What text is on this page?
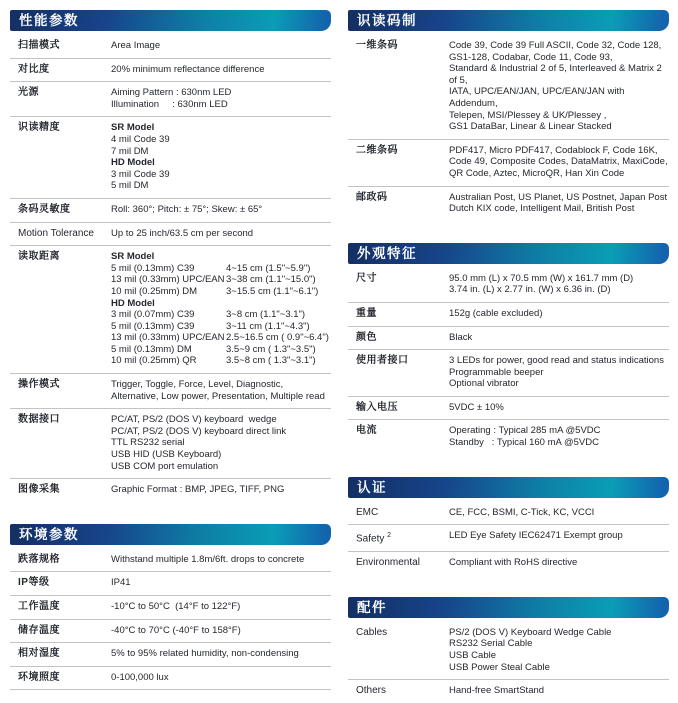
性能参数
扫描模式	Area Image
对比度	20% minimum reflectance difference
光源	Aiming Pattern : 630nm LED
Illumination     : 630nm LED
识读精度	SR Model
4 mil Code 39
7 mil DM
HD Model
3 mil Code 39
5 mil DM
条码灵敏度	Roll: 360°; Pitch: ± 75°; Skew: ± 65°
Motion Tolerance	Up to 25 inch/63.5 cm per second
读取距离	SR Model
5 mil (0.13mm) C39	4~15 cm (1.5"~5.9")
13 mil (0.33mm) UPC/EAN 3~38 cm (1.1"~15.0")
10 mil (0.25mm) DM	3~15.5 cm (1.1"~6.1")
HD Model
3 mil (0.07mm) C39	3~8 cm (1.1"~3.1")
5 mil (0.13mm) C39	3~11 cm (1.1"~4.3")
13 mil (0.33mm) UPC/EAN 2.5~16.5 cm ( 0.9"~6.4")
5 mil (0.13mm) DM	3.5~9 cm ( 1.3"~3.5")
10 mil (0.25mm) QR	3.5~8 cm ( 1.3"~3.1")
操作模式	Trigger, Toggle, Force, Level, Diagnostic,
Alternative, Low power, Presentation, Multiple read
数据接口	PC/AT, PS/2 (DOS V) keyboard  wedge
PC/AT, PS/2 (DOS V) keyboard direct link
TTL RS232 serial
USB HID (USB Keyboard)
USB COM port emulation
图像采集	Graphic Format : BMP, JPEG, TIFF, PNG
环境参数
跌落规格	Withstand multiple 1.8m/6ft. drops to concrete
IP等级	IP41
工作温度	-10°C to 50°C  (14°F to 122°F)
储存温度	-40°C to 70°C (-40°F to 158°F)
相对湿度	5% to 95% related humidity, non-condensing
环境照度	0-100,000 lux
识读码制
一维条码	Code 39, Code 39 Full ASCII, Code 32, Code 128,
GS1-128, Codabar, Code 11, Code 93,
Standard & Industrial 2 of 5, Interleaved & Matrix 2 of 5,
IATA, UPC/EAN/JAN, UPC/EAN/JAN with Addendum,
Telepen, MSI/Plessey & UK/Plessey ,
GS1 DataBar, Linear & Linear Stacked
二维条码	PDF417, Micro PDF417, Codablock F, Code 16K,
Code 49, Composite Codes, DataMatrix, MaxiCode,
QR Code, Aztec, MicroQR, Han Xin Code
邮政码	Australian Post, US Planet, US Postnet, Japan Post
Dutch KIX code, Intelligent Mail, British Post
外观特征
尺寸	95.0 mm (L) x 70.5 mm (W) x 161.7 mm (D)
3.74 in. (L) x 2.77 in. (W) x 6.36 in. (D)
重量	152g (cable excluded)
颜色	Black
使用者接口	3 LEDs for power, good read and status indications
Programmable beeper
Optional vibrator
输入电压	5VDC ± 10%
电流	Operating : Typical 285 mA @5VDC
Standby   : Typical 160 mA @5VDC
认证
EMC	CE, FCC, BSMI, C-Tick, KC, VCCI
Safety $^2$	LED Eye Safety IEC62471 Exempt group
Environmental	Compliant with RoHS directive
配件
Cables	PS/2 (DOS V) Keyboard Wedge Cable
RS232 Serial Cable
USB Cable
USB Power Steal Cable
Others	Hand-free SmartStand
